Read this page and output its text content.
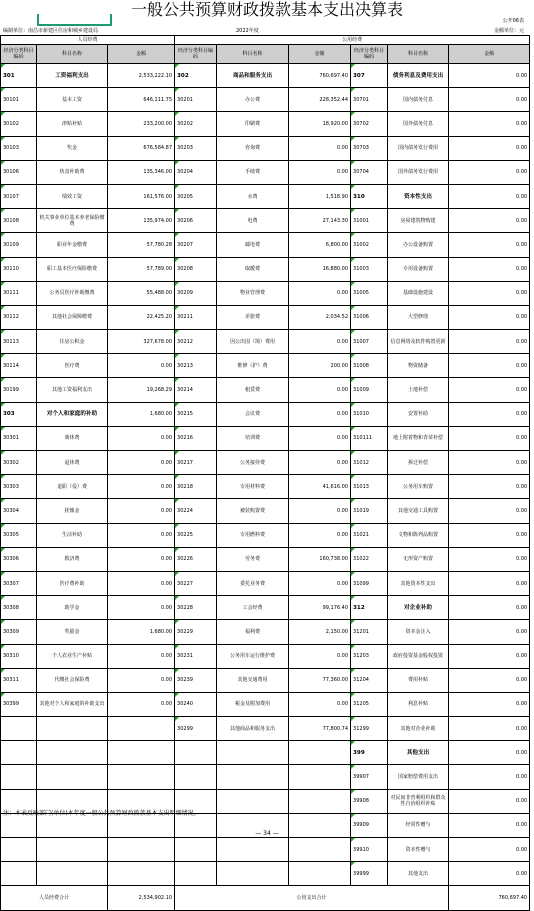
一般公共预算财政拨款基本支出决算表
编制单位：南昌市新建区住房和城乡建设局	2022年度
公开06表
金额单位：元
人员经费			公用经费					
经济分类科目编码	科目名称	金额	经济分类科目编码	科目名称	金额	经济分类科目编码	科目名称	金额
301	工资福利支出	2,533,222.10	302	商品和服务支出	760,697.40	307	债务利息及费用支出	0.00
30101	基本工资	646,111.75	30201	办公费	228,352.44	30701	国内债务付息	0.00
30102	津贴补贴	233,200.00	30202	印刷费	18,920.00	30702	国外债务付息	0.00
30103	奖金	676,584.87	30203	咨询费	0.00	30703	国内债务发行费用	0.00
30106	伙食补助费	135,346.00	30204	手续费	0.00	30704	国外债务发行费用	0.00
30107	绩效工资	161,576.00	30205	水费	1,518.90	310	资本性支出	0.00
30108	机关事业单位基本养老保险缴费	135,974.00	30206	电费	27,143.30	31001	房屋建筑物购建	0.00
30109	职业年金缴费	57,780.28	30207	邮电费	6,800.00	31002	办公设备购置	0.00
30110	职工基本医疗保险缴费	57,789.00	30208	取暖费	16,880.00	31003	专用设备购置	0.00
30111	公务员医疗补助缴费	55,488.00	30209	物业管理费	0.00	31005	基础设施建设	0.00
30112	其他社会保障缴费	22,425.20	30211	差旅费	2,034.52	31006	大型修缮	0.00
30113	住房公积金	327,678.00	30212	因公出国（境）费用	0.00	31007	信息网络及软件购置更新	0.00
30114	医疗费	0.00	30213	维修（护）费	200.00	31008	物资储备	0.00
30199	其他工资福利支出	19,268.29	30214	租赁费	0.00	31009	土地补偿	0.00
303	对个人和家庭的补助	1,680.00	30215	会议费	0.00	31010	安置补助	0.00
30301	离休费	0.00	30216	培训费	0.00	310111	地上附着物和青苗补偿	0.00
30302	退休费	0.00	30217	公务接待费	0.00	31012	拆迁补偿	0.00
30303	退职（役）费	0.00	30218	专用材料费	41,616.00	31013	公务用车购置	0.00
30304	抚恤金	0.00	30224	被装购置费	0.00	31019	其他交通工具购置	0.00
30305	生活补助	0.00	30225	专用燃料费	0.00	31021	文物和陈列品购置	0.00
30306	救济费	0.00	30226	劳务费	160,738.00	31022	无形资产购置	0.00
30307	医疗费补助	0.00	30227	委托业务费	0.00	31099	其他资本性支出	0.00
30308	助学金	0.00	30228	工会经费	99,176.40	312	对企业补助	0.00
30309	奖励金	1,680.00	30229	福利费	2,150.00	31201	资本金注入	0.00
30310	个人农业生产补贴	0.00	30231	公务用车运行维护费	0.00	31203	政府投资基金股权投资	0.00
30311	代缴社会保险费	0.00	30239	其他交通费用	77,360.00	31204	费用补贴	0.00
30399	其他对个人和家庭的补助支出	0.00	30240	税金及附加费用	0.00	31205	利息补贴	0.00
			30299	其他商品和服务支出	77,800.74	31299	其他对企业补助	0.00
						399	其他支出	0.00
						39907	国家赔偿费用支出	0.00
						39908	对民间非营利组织和群众性自治组织补贴	0.00
						39909	经常性赠与	0.00
						39910	资本性赠与	0.00
						39999	其他支出	0.00
人员经费合计		2,534,902.10	公用支出合计					760,697.40
注：本表反映部门(单位)本年度一般公共预算财政拨款基本支出明细情况。
— 34 —
